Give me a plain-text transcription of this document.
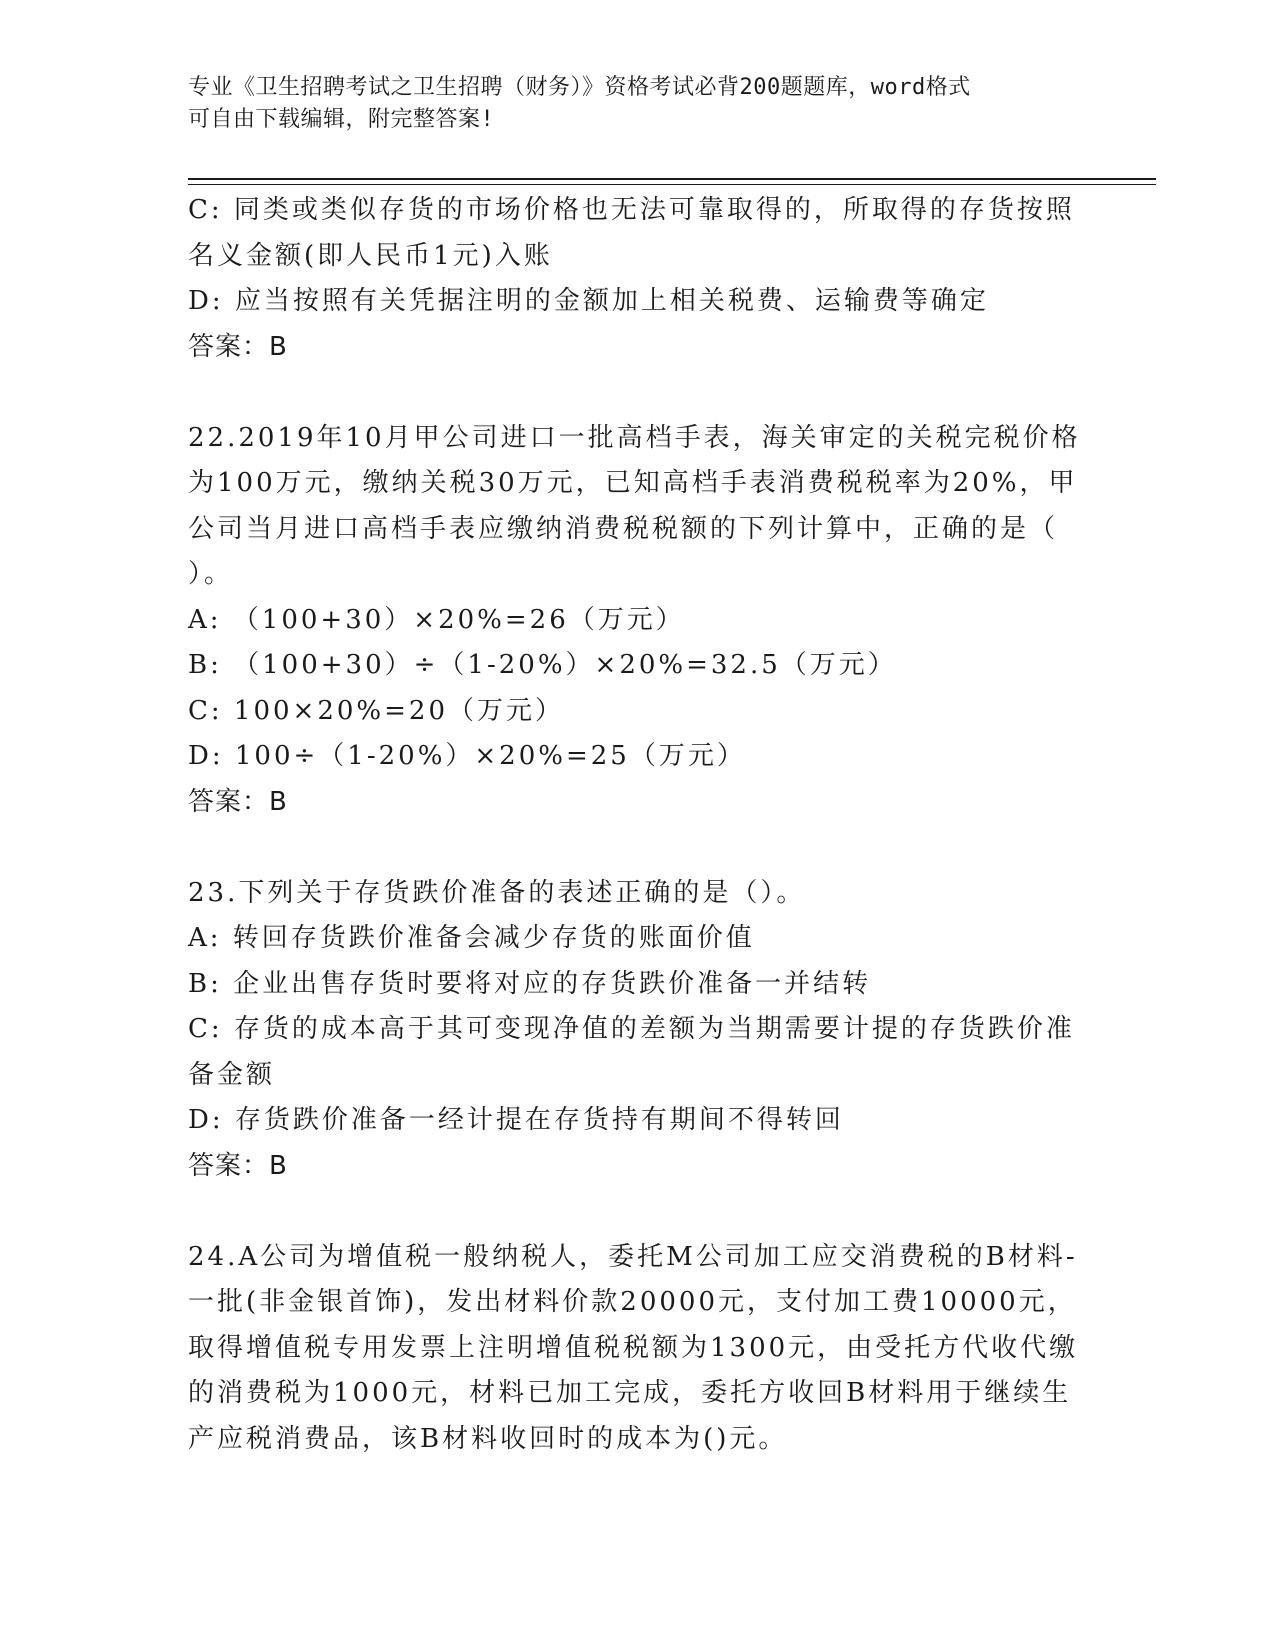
专业《卫生招聘考试之卫生招聘（财务）》资格考试必背200题题库，word格式
可自由下载编辑，附完整答案!
C: 同类或类似存货的市场价格也无法可靠取得的，所取得的存货按照
名义金额(即人民币1元)入账
D: 应当按照有关凭据注明的金额加上相关税费、运输费等确定
答案：B
22.2019年10月甲公司进口一批高档手表，海关审定的关税完税价格
为100万元，缴纳关税30万元，已知高档手表消费税税率为20%，甲
公司当月进口高档手表应缴纳消费税税额的下列计算中，正确的是（
）。
A: （100+30）×20%=26（万元）
B: （100+30）÷（1-20%）×20%=32.5（万元）
C: 100×20%=20（万元）
D: 100÷（1-20%）×20%=25（万元）
答案：B
23.下列关于存货跌价准备的表述正确的是（）。
A: 转回存货跌价准备会减少存货的账面价值
B: 企业出售存货时要将对应的存货跌价准备一并结转
C: 存货的成本高于其可变现净值的差额为当期需要计提的存货跌价准
备金额
D: 存货跌价准备一经计提在存货持有期间不得转回
答案：B
24.A公司为增值税一般纳税人，委托M公司加工应交消费税的B材料-
一批(非金银首饰)，发出材料价款20000元，支付加工费10000元，
取得增值税专用发票上注明增值税税额为1300元，由受托方代收代缴
的消费税为1000元，材料已加工完成，委托方收回B材料用于继续生
产应税消费品，该B材料收回时的成本为()元。
